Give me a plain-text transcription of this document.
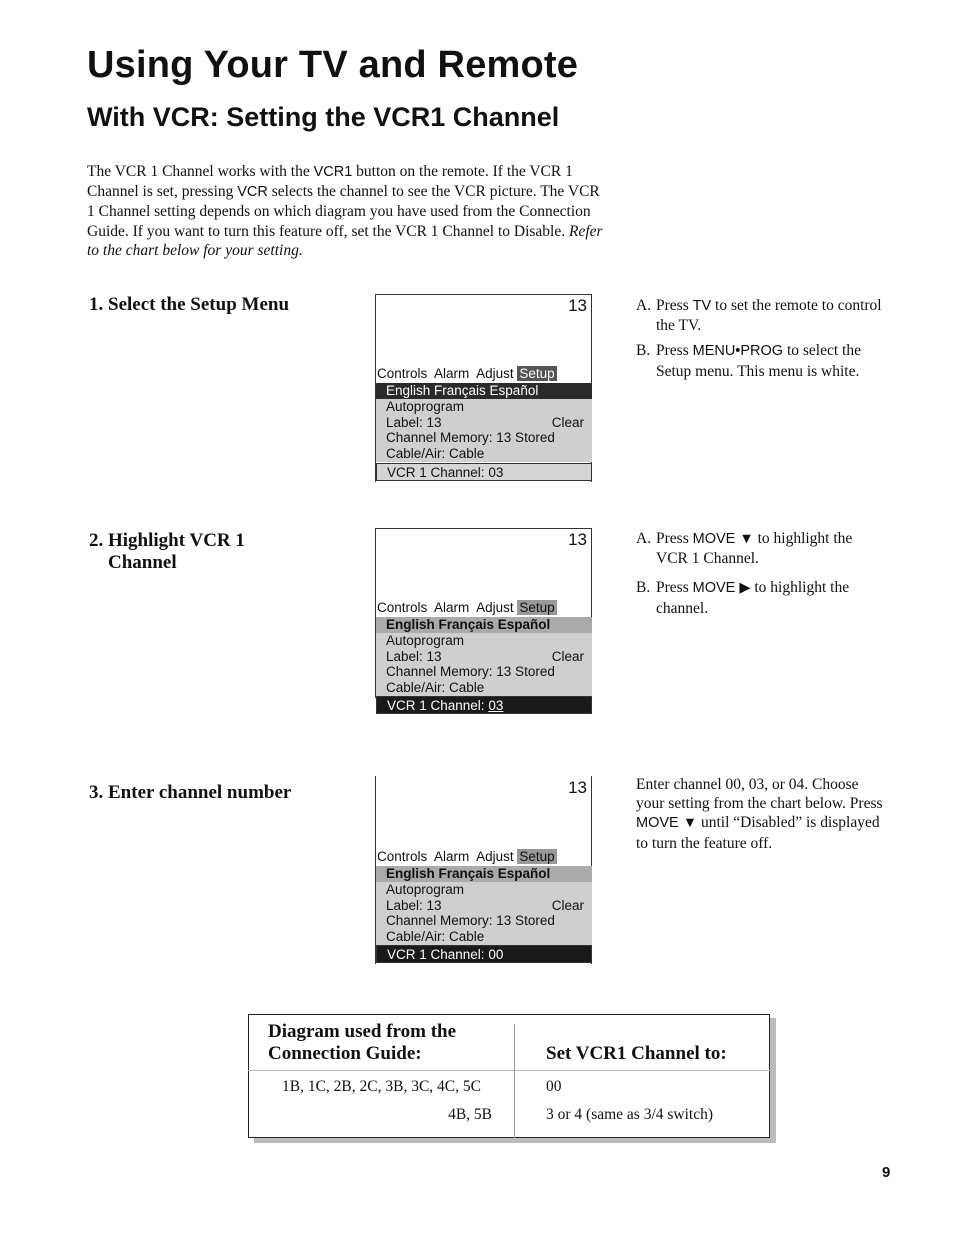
Using Your TV and Remote
With VCR: Setting the VCR1 Channel
The VCR 1 Channel works with the VCR1 button on the remote. If the VCR 1 Channel is set, pressing VCR selects the channel to see the VCR picture. The VCR 1 Channel setting depends on which diagram you have used from the Connection Guide. If you want to turn this feature off, set the VCR 1 Channel to Disable. Refer to the chart below for your setting.
1. Select the Setup Menu	13
Controls Alarm Adjust Setup
English Français Español
Autoprogram
Label: 13	Clear
Channel Memory: 13 Stored
Cable/Air: Cable
VCR 1 Channel: 03
A. Press TV to set the remote to control the TV.
B. Press MENU•PROG to select the Setup menu. This menu is white.
2. Highlight VCR 1 Channel
13
Controls Alarm Adjust Setup
English Français Español
Autoprogram
Label: 13	Clear
Channel Memory: 13 Stored
Cable/Air: Cable
VCR 1 Channel: 03
A. Press MOVE ▼ to highlight the VCR 1 Channel.
B. Press MOVE ▶ to highlight the channel.
3. Enter channel number	13
Controls Alarm Adjust Setup
English Français Español
Autoprogram
Label: 13	Clear
Channel Memory: 13 Stored
Cable/Air: Cable
VCR 1 Channel: 00
Enter channel 00, 03, or 04. Choose your setting from the chart below. Press MOVE ▼ until “Disabled” is displayed to turn the feature off.
Diagram used from the
Connection Guide:	Set VCR1 Channel to:
1B, 1C, 2B, 2C, 3B, 3C, 4C, 5C	00
4B, 5B	3 or 4 (same as 3/4 switch)
9
